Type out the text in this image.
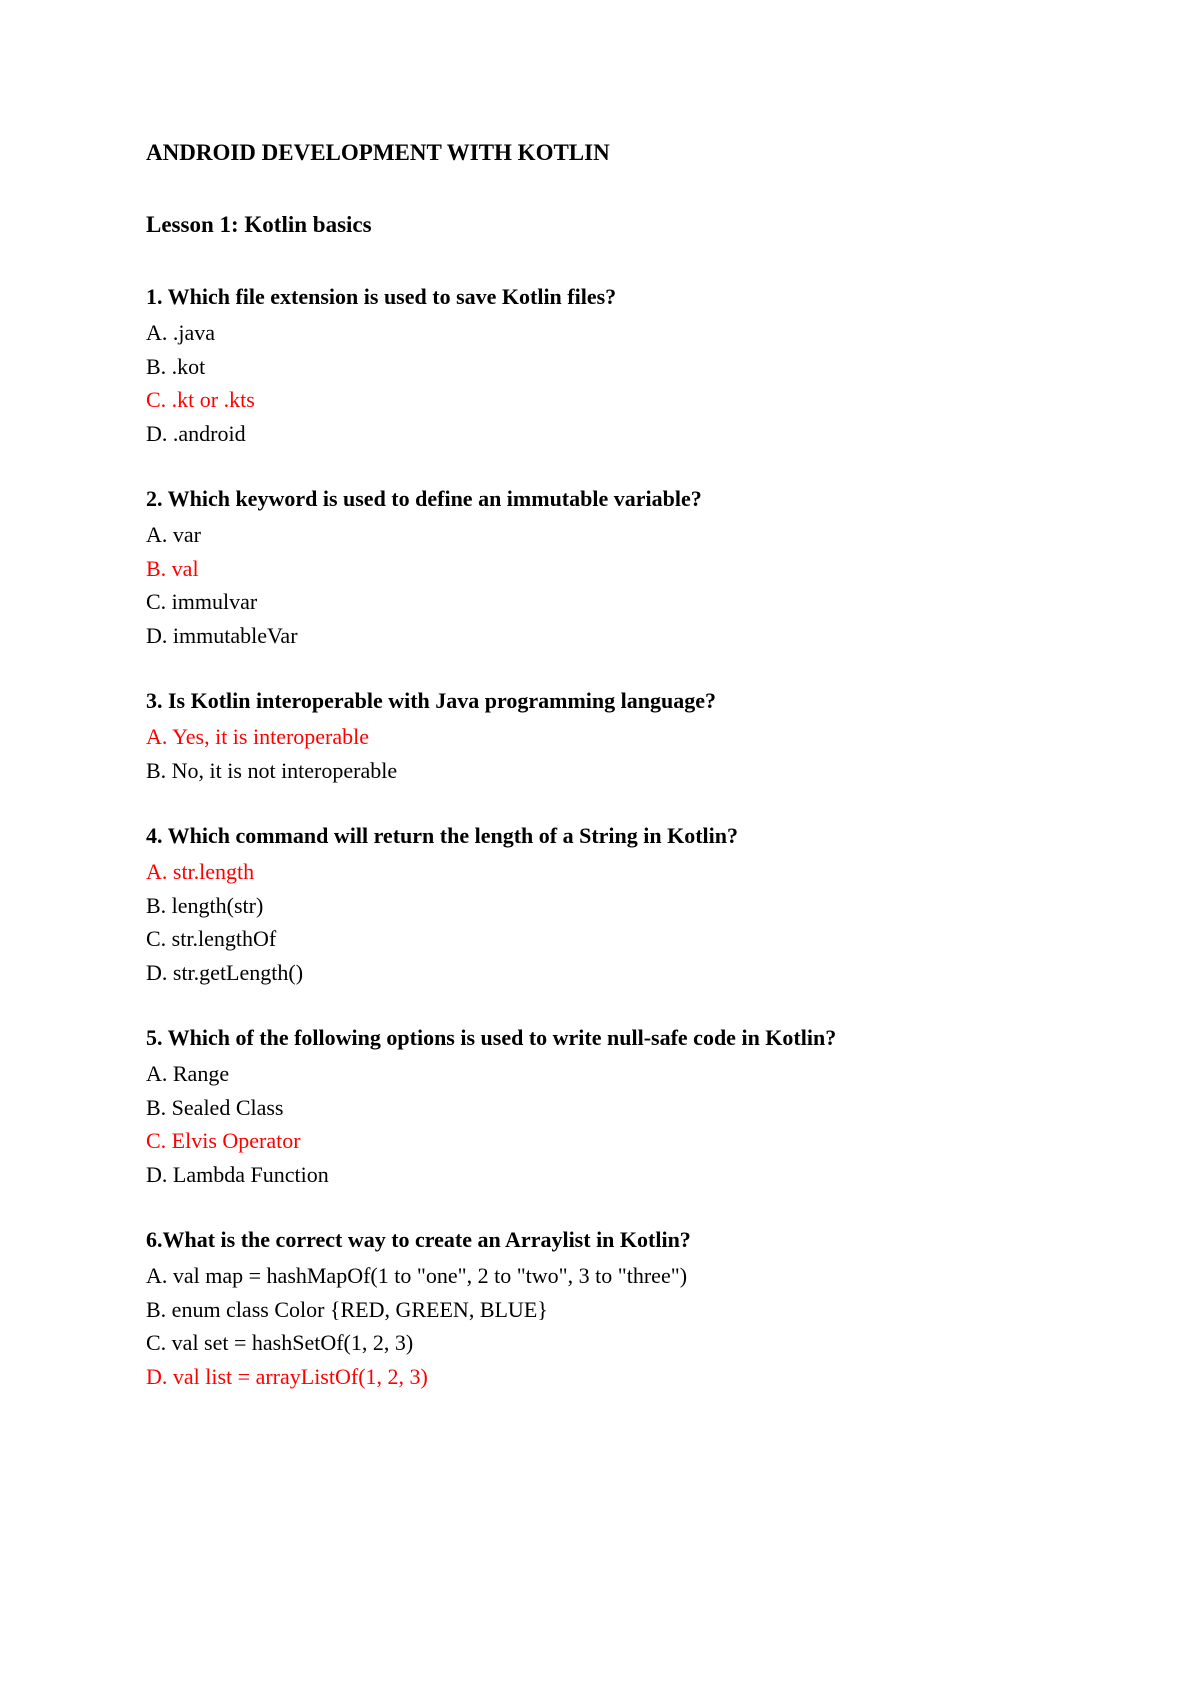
ANDROID DEVELOPMENT WITH KOTLIN
Lesson 1: Kotlin basics
1. Which file extension is used to save Kotlin files?
A. .java
B. .kot
C. .kt or .kts
D. .android
2. Which keyword is used to define an immutable variable?
A. var
B. val
C. immulvar
D. immutableVar
3. Is Kotlin interoperable with Java programming language?
A. Yes, it is interoperable
B. No, it is not interoperable
4. Which command will return the length of a String in Kotlin?
A. str.length
B. length(str)
C. str.lengthOf
D. str.getLength()
5. Which of the following options is used to write null-safe code in Kotlin?
A. Range
B. Sealed Class
C. Elvis Operator
D. Lambda Function
6.What is the correct way to create an Arraylist in Kotlin?
A. val map = hashMapOf(1 to "one", 2 to "two", 3 to "three")
B. enum class Color {RED, GREEN, BLUE}
C. val set = hashSetOf(1, 2, 3)
D. val list = arrayListOf(1, 2, 3)
